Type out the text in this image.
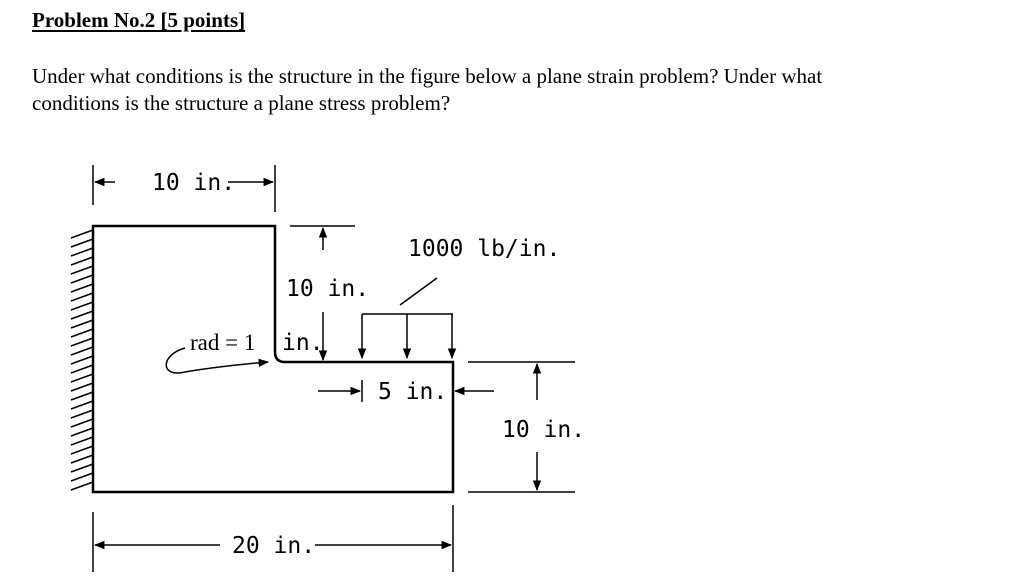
Problem No.2 [5 points]
Under what conditions is the structure in the figure below a plane strain problem? Under what
conditions is the structure a plane stress problem?
10 in.
10 in.
1000 lb/in.
rad = 1 in.
5 in.
10 in.
20 in.
